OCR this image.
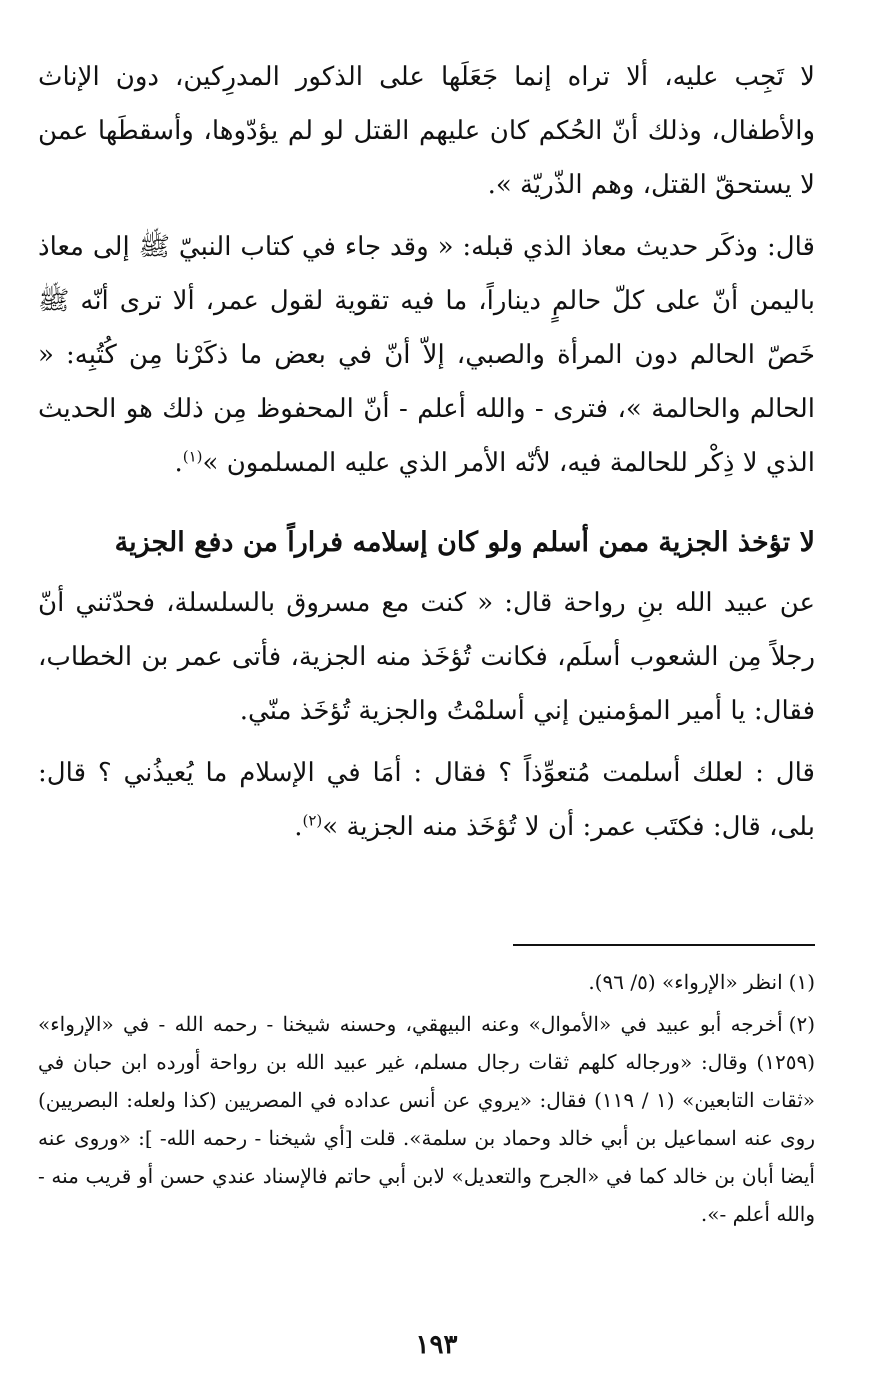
لا تَجِب عليه، ألا تراه إنما جَعَلَها على الذكور المدرِكين، دون الإناث والأطفال، وذلك أنّ الحُكم كان عليهم القتل لو لم يؤدّوها، وأسقطَها عمن لا يستحقّ القتل، وهم الذّريّة ».

قال: وذكَر حديث معاذ الذي قبله: « وقد جاء في كتاب النبيّ ﷺ إلى معاذ باليمن أنّ على كلّ حالمٍ ديناراً، ما فيه تقوية لقول عمر، ألا ترى أنّه ﷺ خَصّ الحالم دون المرأة والصبي، إلاّ أنّ في بعض ما ذكَرْنا مِن كُتُبِه: « الحالم والحالمة »، فترى - والله أعلم - أنّ المحفوظ مِن ذلك هو الحديث الذي لا ذِكْر للحالمة فيه، لأنّه الأمر الذي عليه المسلمون »$^{(١)}$.

لا تؤخذ الجزية ممن أسلم ولو كان إسلامه فراراً من دفع الجزية

عن عبيد الله بنِ رواحة قال: « كنت مع مسروق بالسلسلة، فحدّثني أنّ رجلاً مِن الشعوب أسلَم، فكانت تُؤخَذ منه الجزية، فأتى عمر بن الخطاب، فقال: يا أمير المؤمنين إني أسلمْتُ والجزية تُؤخَذ منّي.

قال : لعلك أسلمت مُتعوِّذاً ؟ فقال : أمَا في الإسلام ما يُعيذُني ؟ قال: بلى، قال: فكتَب عمر: أن لا تُؤخَذ منه الجزية »$^{(٢)}$.

(١)انظر «الإرواء» (٥/ ٩٦).

(٢)أخرجه أبو عبيد في «الأموال» وعنه البيهقي، وحسنه شيخنا - رحمه الله - في «الإرواء» (١٢٥٩) وقال: «ورجاله كلهم ثقات رجال مسلم، غير عبيد الله بن رواحة أورده ابن حبان في «ثقات التابعين» (١ / ١١٩) فقال: «يروي عن أنس عداده في المصريين (كذا ولعله: البصريين) روى عنه اسماعيل بن أبي خالد وحماد بن سلمة». قلت [أي شيخنا - رحمه الله- ]: «وروى عنه أيضا أبان بن خالد كما في «الجرح والتعديل» لابن أبي حاتم فالإسناد عندي حسن أو قريب منه - والله أعلم -».

١٩٣
